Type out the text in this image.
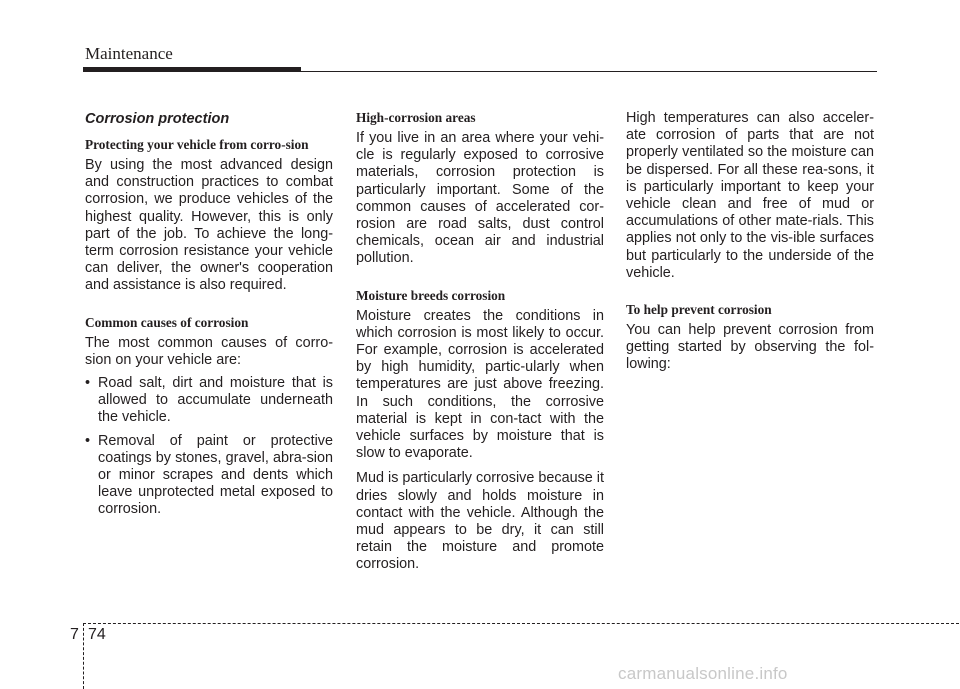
Maintenance
Corrosion protection
Protecting your vehicle from corro-sion

By using the most advanced design and construction practices to combat corrosion, we produce vehicles of the highest quality. However, this is only part of the job. To achieve the long-term corrosion resistance your vehicle can deliver, the owner's cooperation and assistance is also required.

Common causes of corrosion

The most common causes of corro-sion on your vehicle are:

• Road salt, dirt and moisture that is allowed to accumulate underneath the vehicle.
• Removal of paint or protective coatings by stones, gravel, abra-sion or minor scrapes and dents which leave unprotected metal exposed to corrosion.
High-corrosion areas

If you live in an area where your vehi-cle is regularly exposed to corrosive materials, corrosion protection is particularly important. Some of the common causes of accelerated cor-rosion are road salts, dust control chemicals, ocean air and industrial pollution.

Moisture breeds corrosion

Moisture creates the conditions in which corrosion is most likely to occur. For example, corrosion is accelerated by high humidity, partic-ularly when temperatures are just above freezing. In such conditions, the corrosive material is kept in con-tact with the vehicle surfaces by moisture that is slow to evaporate.

Mud is particularly corrosive because it dries slowly and holds moisture in contact with the vehicle. Although the mud appears to be dry, it can still retain the moisture and promote corrosion.

High temperatures can also acceler-ate corrosion of parts that are not properly ventilated so the moisture can be dispersed. For all these rea-sons, it is particularly important to keep your vehicle clean and free of mud or accumulations of other mate-rials. This applies not only to the vis-ible surfaces but particularly to the underside of the vehicle.

To help prevent corrosion

You can help prevent corrosion from getting started by observing the fol-lowing:

7 74
carmanualsonline.info
